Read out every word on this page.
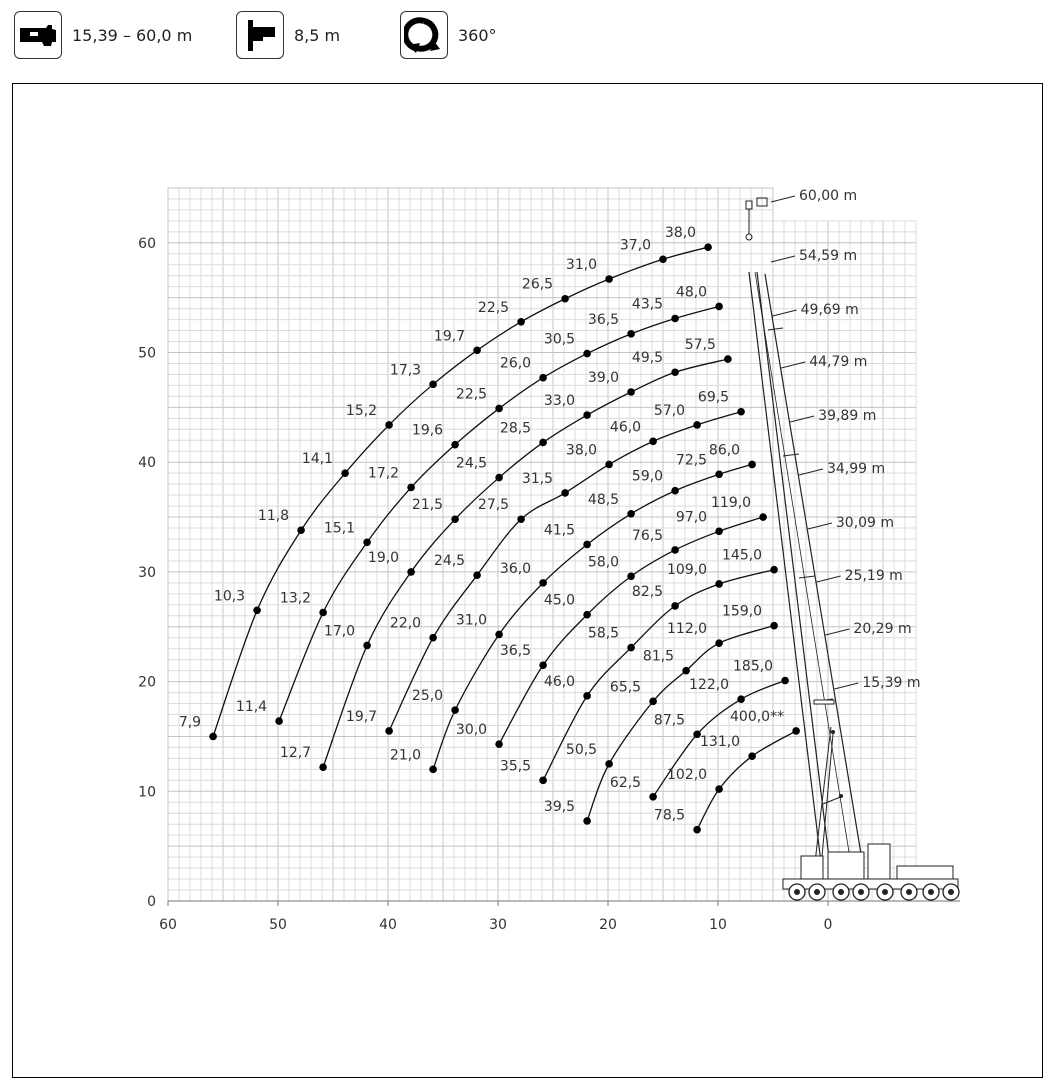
15,39 – 60,0 m	8,5 m	360°
60	50	40	30	20	10	0
0
10
20
30
40
50
60
60,00 m
54,59 m
49,69 m
44,79 m
39,89 m
34,99 m
30,09 m
25,19 m
20,29 m
15,39 m
7,9
10,3
11,8
14,1
15,2
17,3
19,7
22,5
26,5
31,0
37,0
38,0
11,4
13,2
15,1
17,2
19,6
22,5
26,0
30,5
36,5
43,5
48,0
12,7
17,0
19,0
21,5
24,5
28,5
33,0
39,0
49,5
57,5
19,7
22,0
24,5
27,5
31,5
38,0
46,0
57,0
69,5
21,0
25,0
31,0
36,0
41,5
48,5
59,0
72,5
86,0
30,0
36,5
45,0
58,0
76,5
97,0
119,0
35,5
46,0
58,5
82,5
109,0
145,0
39,5
50,5
65,5
81,5
112,0
159,0
62,5
87,5
122,0
185,0
78,5
102,0
131,0
400,0**
